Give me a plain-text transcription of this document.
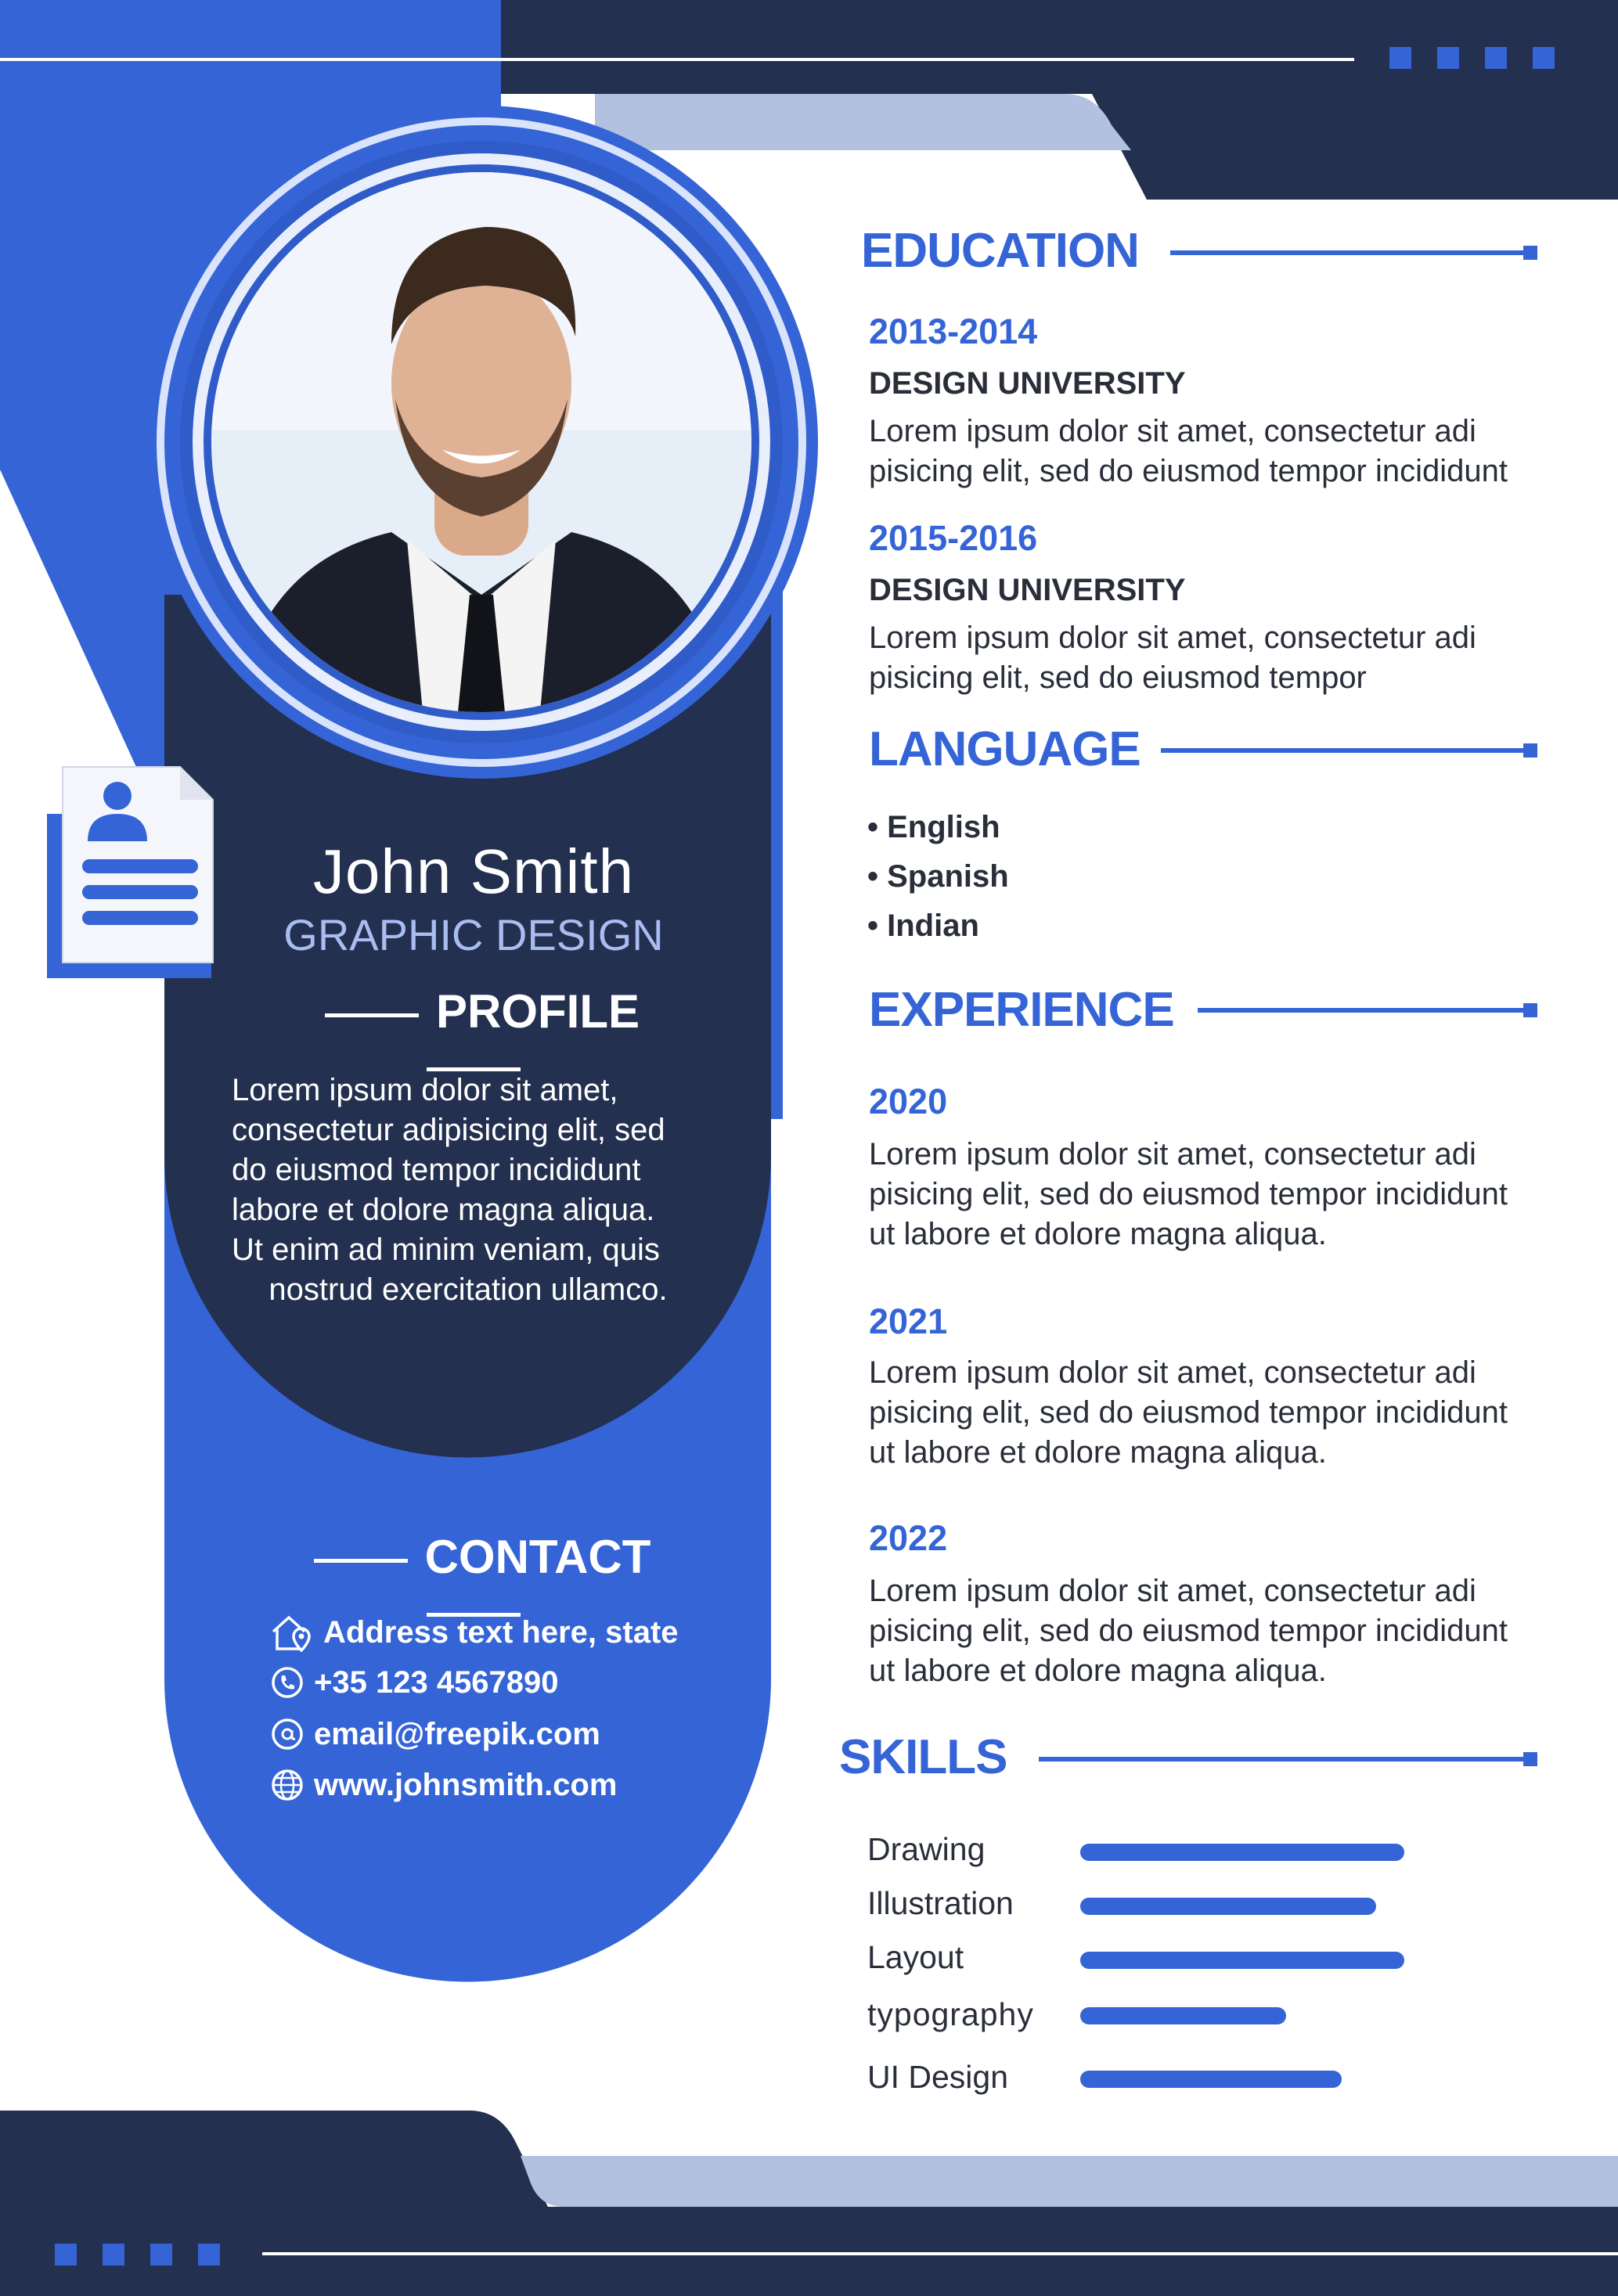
John Smith
GRAPHIC DESIGN
PROFILE
Lorem ipsum dolor sit amet,
consectetur adipisicing elit, sed
do eiusmod tempor incididunt
labore et dolore magna aliqua.
Ut enim ad minim veniam, quis
nostrud exercitation ullamco.
CONTACT
Address text here, state
+35 123 4567890
email@freepik.com
www.johnsmith.com
EDUCATION
2013-2014
DESIGN UNIVERSITY
Lorem ipsum dolor sit amet, consectetur adi
pisicing elit, sed do eiusmod tempor incididunt
2015-2016
DESIGN UNIVERSITY
Lorem ipsum dolor sit amet, consectetur adi
pisicing elit, sed do eiusmod tempor
LANGUAGE
• English
• Spanish
• Indian
EXPERIENCE
2020
Lorem ipsum dolor sit amet, consectetur adi
pisicing elit, sed do eiusmod tempor incididunt
ut labore et dolore magna aliqua.
2021
Lorem ipsum dolor sit amet, consectetur adi
pisicing elit, sed do eiusmod tempor incididunt
ut labore et dolore magna aliqua.
2022
Lorem ipsum dolor sit amet, consectetur adi
pisicing elit, sed do eiusmod tempor incididunt
ut labore et dolore magna aliqua.
SKILLS
Drawing
Illustration
Layout
typography
UI Design
